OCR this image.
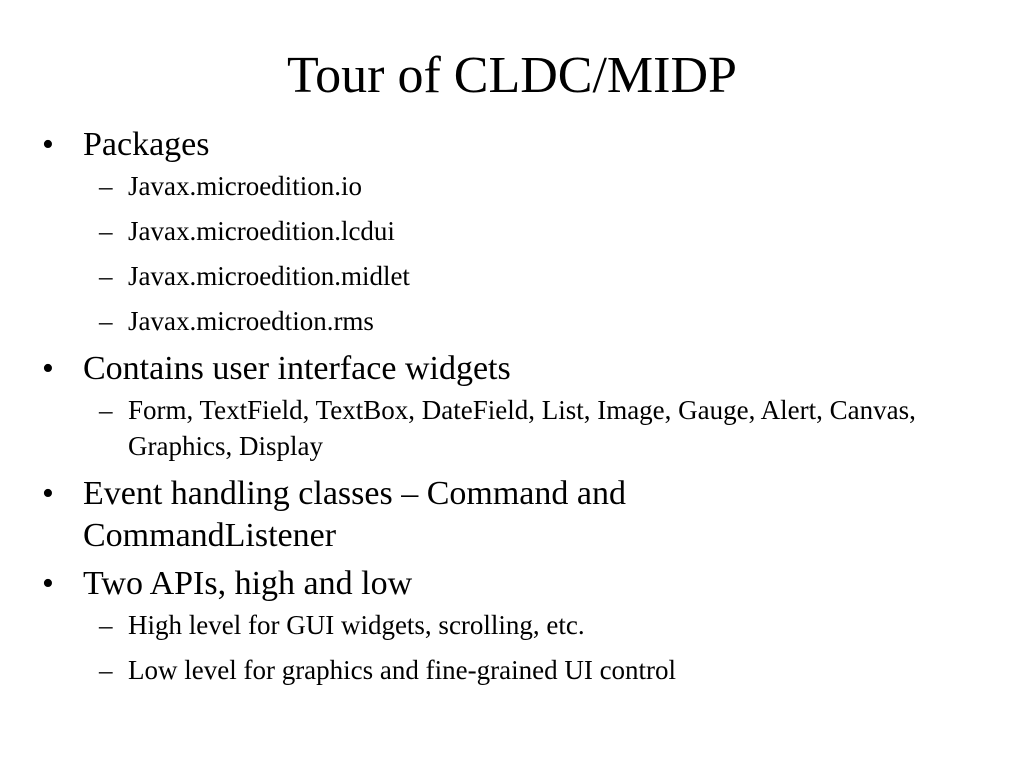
Tour of CLDC/MIDP
• Packages
– Javax.microedition.io
– Javax.microedition.lcdui
– Javax.microedition.midlet
– Javax.microedtion.rms
• Contains user interface widgets
– Form, TextField, TextBox, DateField, List, Image, Gauge, Alert, Canvas, Graphics, Display
• Event handling classes – Command and CommandListener
• Two APIs, high and low
– High level for GUI widgets, scrolling, etc.
– Low level for graphics and fine-grained UI control
